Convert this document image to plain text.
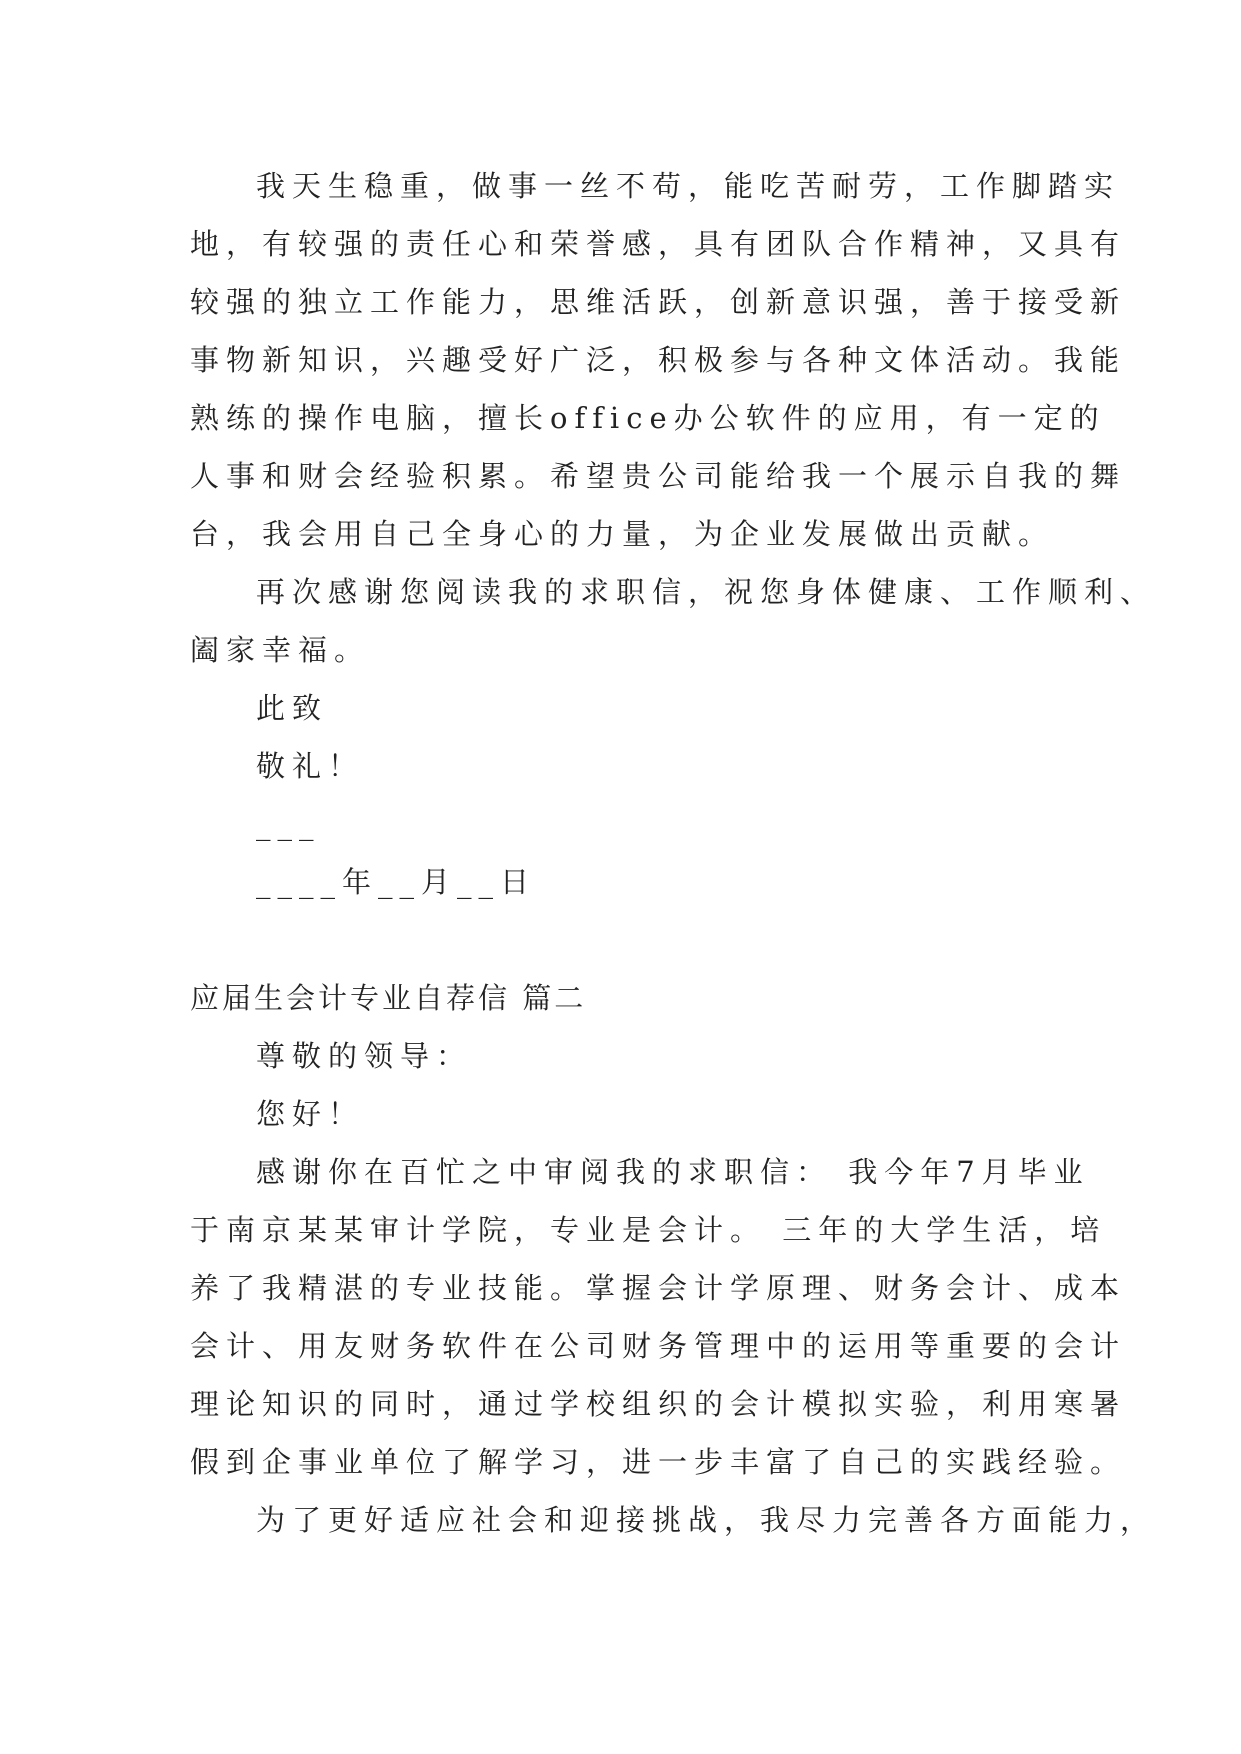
我天生稳重，做事一丝不苟，能吃苦耐劳，工作脚踏实
地，有较强的责任心和荣誉感，具有团队合作精神，又具有
较强的独立工作能力，思维活跃，创新意识强，善于接受新
事物新知识，兴趣受好广泛，积极参与各种文体活动。我能
熟练的操作电脑，擅长office办公软件的应用，有一定的
人事和财会经验积累。希望贵公司能给我一个展示自我的舞
台，我会用自己全身心的力量，为企业发展做出贡献。
再次感谢您阅读我的求职信，祝您身体健康、工作顺利、
阖家幸福。
此致
敬礼！
___
____年__月__日
应届生会计专业自荐信 篇二
尊敬的领导：
您好！
感谢你在百忙之中审阅我的求职信： 我今年7月毕业
于南京某某审计学院，专业是会计。 三年的大学生活，培
养了我精湛的专业技能。掌握会计学原理、财务会计、成本
会计、用友财务软件在公司财务管理中的运用等重要的会计
理论知识的同时，通过学校组织的会计模拟实验，利用寒暑
假到企事业单位了解学习，进一步丰富了自己的实践经验。
为了更好适应社会和迎接挑战，我尽力完善各方面能力，
